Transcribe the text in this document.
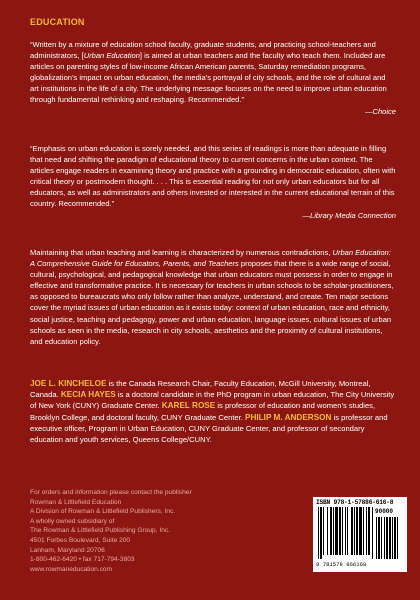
EDUCATION

“Written by a mixture of education school faculty, graduate students, and practicing school-teachers and administrators, [Urban Education] is aimed at urban teachers and the faculty who teach them. Included are articles on parenting styles of low-income African American parents, Saturday remediation programs, globalization’s impact on urban education, the media’s portrayal of city schools, and the role of cultural and art institutions in the life of a city. The underlying message focuses on the need to improve urban education through fundamental rethinking and reshaping. Recommended.”
—Choice

“Emphasis on urban education is sorely needed, and this series of readings is more than adequate in filling that need and shifting the paradigm of educational theory to current concerns in the urban context. The articles engage readers in examining theory and practice with a grounding in democratic education, often with critical theory or postmodern thought. . . . This is essential reading for not only urban educators but for all educators, as well as administrators and others invested or interested in the current educational terrain of this country. Recommended.”
—Library Media Connection

Maintaining that urban teaching and learning is characterized by numerous contradictions, Urban Education: A Comprehensive Guide for Educators, Parents, and Teachers proposes that there is a wide range of social, cultural, psychological, and pedagogical knowledge that urban educators must possess in order to engage in effective and transformative practice. It is necessary for teachers in urban schools to be scholar-practitioners, as opposed to bureaucrats who only follow rather than analyze, understand, and create. Ten major sections cover the myriad issues of urban education as it exists today: context of urban education, race and ethnicity, social justice, teaching and pedagogy, power and urban education, language issues, cultural issues of urban schools as seen in the media, research in city schools, aesthetics and the proximity of cultural institutions, and education policy.

JOE L. KINCHELOE is the Canada Research Chair, Faculty Education, McGill University, Montreal, Canada. KECIA HAYES is a doctoral candidate in the PhD program in urban education, The City University of New York (CUNY) Graduate Center. KAREL ROSE is professor of education and women’s studies, Brooklyn College, and doctoral faculty, CUNY Graduate Center. PHILIP M. ANDERSON is professor and executive officer, Program in Urban Education, CUNY Graduate Center, and professor of secondary education and youth services, Queens College/CUNY.

For orders and information please contact the publisher
Rowman & Littlefield Education
A Division of Rowman & Littlefield Publishers, Inc.
A wholly owned subsidiary of
The Rowman & Littlefield Publishing Group, Inc.
4501 Forbes Boulevard, Suite 200
Lanham, Maryland 20706
1-800-462-6420 • fax 717-794-3803
www.rowmaneducation.com
ISBN 978-1-57886-616-8
90000
9 781578 866168
